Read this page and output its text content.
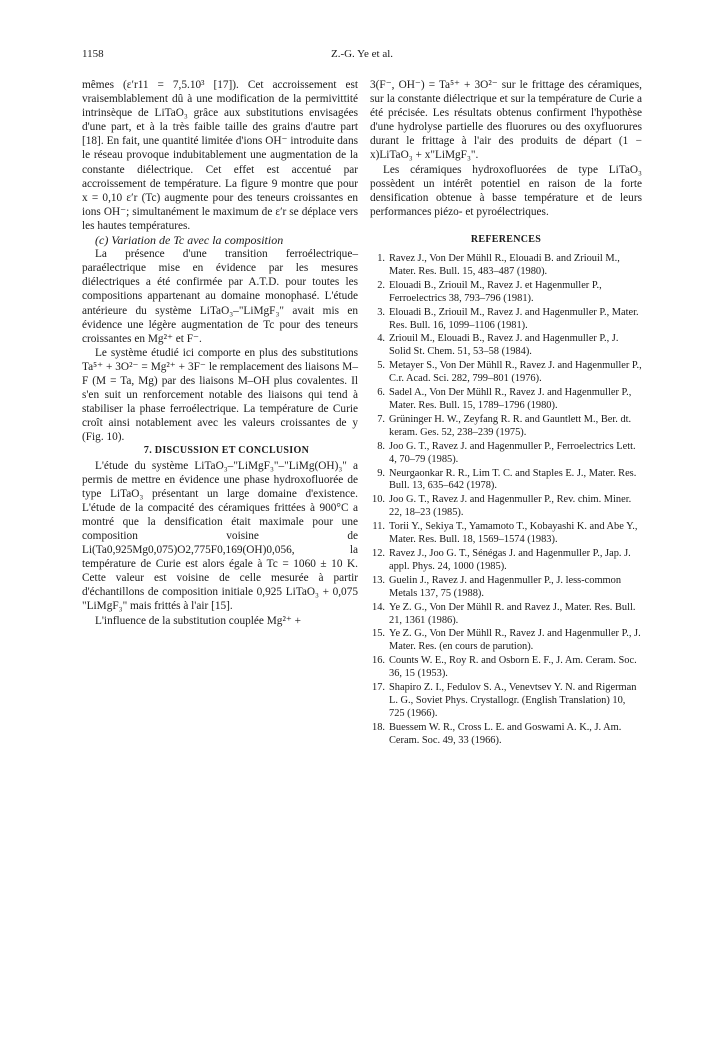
1158	Z.-G. Ye et al.

mêmes (ε′r11 = 7,5.10³ [17]). Cet accroissement est vraisemblablement dû à une modification de la permivittité intrinsèque de LiTaO₃ grâce aux substitutions envisagées d'une part, et à la très faible taille des grains d'autre part [18]. En fait, une quantité limitée d'ions OH⁻ introduite dans le réseau provoque indubitablement une augmentation de la constante diélectrique. Cet effet est accentué par accroissement de température. La figure 9 montre que pour x = 0,10 ε′r (Tc) augmente pour des teneurs croissantes en ions OH⁻; simultanément le maximum de ε′r se déplace vers les hautes températures.

(c) Variation de Tc avec la composition

La présence d'une transition ferroélectrique–paraélectrique mise en évidence par les mesures diélectriques a été confirmée par A.T.D. pour toutes les compositions appartenant au domaine monophasé. L'étude antérieure du système LiTaO₃–"LiMgF₃" avait mis en évidence une légère augmentation de Tc pour des teneurs croissantes en Mg²⁺ et F⁻.

Le système étudié ici comporte en plus des substitutions Ta⁵⁺ + 3O²⁻ = Mg²⁺ + 3F⁻ le remplacement des liaisons M–F (M = Ta, Mg) par des liaisons M–OH plus covalentes. Il s'en suit un renforcement notable des liaisons qui tend à stabiliser la phase ferroélectrique. La température de Curie croît ainsi notablement avec les valeurs croissantes de y (Fig. 10).

7. DISCUSSION ET CONCLUSION

L'étude du système LiTaO₃–"LiMgF₃"–"LiMg(OH)₃" a permis de mettre en évidence une phase hydroxofluorée de type LiTaO₃ présentant un large domaine d'existence. L'étude de la compacité des céramiques frittées à 900°C a montré que la densification était maximale pour une composition voisine de Li(Ta0,925Mg0,075)O2,775F0,169(OH)0,056, la température de Curie est alors égale à Tc = 1060 ± 10 K. Cette valeur est voisine de celle mesurée à partir d'échantillons de composition initiale 0,925 LiTaO₃ + 0,075 "LiMgF₃" mais frittés à l'air [15].

L'influence de la substitution couplée Mg²⁺ +

3(F⁻, OH⁻) = Ta⁵⁺ + 3O²⁻ sur le frittage des céramiques, sur la constante diélectrique et sur la température de Curie a été précisée. Les résultats obtenus confirment l'hypothèse d'une hydrolyse partielle des fluorures ou des oxyfluorures durant le frittage à l'air des produits de départ (1 − x)LiTaO₃ + x"LiMgF₃".

Les céramiques hydroxofluorées de type LiTaO₃ possèdent un intérêt potentiel en raison de la forte densification obtenue à basse température et de leurs performances piézo- et pyroélectriques.

REFERENCES
1. Ravez J., Von Der Mühll R., Elouadi B. and Zriouil M., Mater. Res. Bull. 15, 483–487 (1980).
2. Elouadi B., Zriouil M., Ravez J. et Hagenmuller P., Ferroelectrics 38, 793–796 (1981).
3. Elouadi B., Zriouil M., Ravez J. and Hagenmuller P., Mater. Res. Bull. 16, 1099–1106 (1981).
4. Zriouil M., Elouadi B., Ravez J. and Hagenmuller P., J. Solid St. Chem. 51, 53–58 (1984).
5. Metayer S., Von Der Mühll R., Ravez J. and Hagenmuller P., C.r. Acad. Sci. 282, 799–801 (1976).
6. Sadel A., Von Der Mühll R., Ravez J. and Hagenmuller P., Mater. Res. Bull. 15, 1789–1796 (1980).
7. Grüninger H. W., Zeyfang R. R. and Gauntlett M., Ber. dt. keram. Ges. 52, 238–239 (1975).
8. Joo G. T., Ravez J. and Hagenmuller P., Ferroelectrics Lett. 4, 70–79 (1985).
9. Neurgaonkar R. R., Lim T. C. and Staples E. J., Mater. Res. Bull. 13, 635–642 (1978).
10. Joo G. T., Ravez J. and Hagenmuller P., Rev. chim. Miner. 22, 18–23 (1985).
11. Torii Y., Sekiya T., Yamamoto T., Kobayashi K. and Abe Y., Mater. Res. Bull. 18, 1569–1574 (1983).
12. Ravez J., Joo G. T., Sénégas J. and Hagenmuller P., Jap. J. appl. Phys. 24, 1000 (1985).
13. Guelin J., Ravez J. and Hagenmuller P., J. less-common Metals 137, 75 (1988).
14. Ye Z. G., Von Der Mühll R. and Ravez J., Mater. Res. Bull. 21, 1361 (1986).
15. Ye Z. G., Von Der Mühll R., Ravez J. and Hagenmuller P., J. Mater. Res. (en cours de parution).
16. Counts W. E., Roy R. and Osborn E. F., J. Am. Ceram. Soc. 36, 15 (1953).
17. Shapiro Z. I., Fedulov S. A., Venevtsev Y. N. and Rigerman L. G., Soviet Phys. Crystallogr. (English Translation) 10, 725 (1966).
18. Buessem W. R., Cross L. E. and Goswami A. K., J. Am. Ceram. Soc. 49, 33 (1966).
